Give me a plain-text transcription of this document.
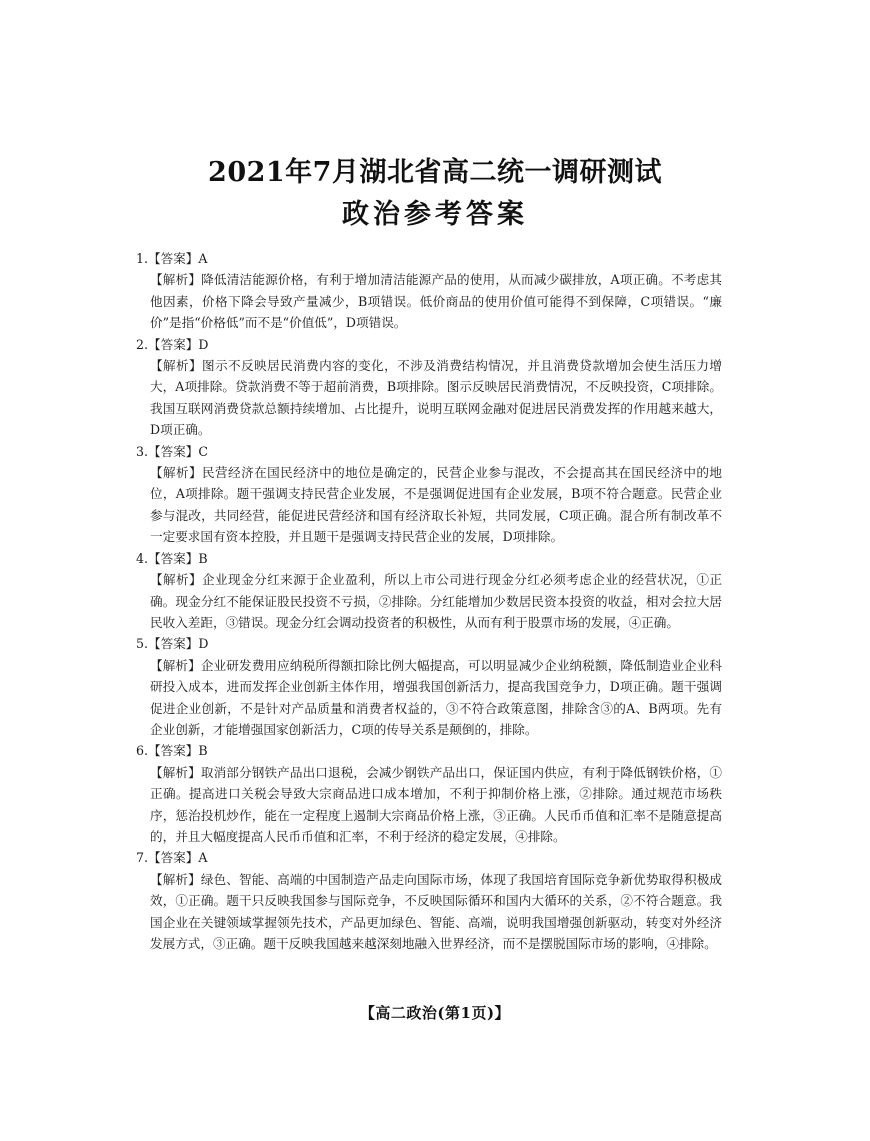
2021年7月湖北省高二统一调研测试
政治参考答案
1.【答案】A
【解析】降低清洁能源价格，有利于增加清洁能源产品的使用，从而减少碳排放，A项正确。不考虑其他因素，价格下降会导致产量减少，B项错误。低价商品的使用价值可能得不到保障，C项错误。“廉价”是指“价格低”而不是“价值低”，D项错误。
2.【答案】D
【解析】图示不反映居民消费内容的变化，不涉及消费结构情况，并且消费贷款增加会使生活压力增大，A项排除。贷款消费不等于超前消费，B项排除。图示反映居民消费情况，不反映投资，C项排除。我国互联网消费贷款总额持续增加、占比提升，说明互联网金融对促进居民消费发挥的作用越来越大，D项正确。
3.【答案】C
【解析】民营经济在国民经济中的地位是确定的，民营企业参与混改，不会提高其在国民经济中的地位，A项排除。题干强调支持民营企业发展，不是强调促进国有企业发展，B项不符合题意。民营企业参与混改，共同经营，能促进民营经济和国有经济取长补短，共同发展，C项正确。混合所有制改革不一定要求国有资本控股，并且题干是强调支持民营企业的发展，D项排除。
4.【答案】B
【解析】企业现金分红来源于企业盈利，所以上市公司进行现金分红必须考虑企业的经营状况，①正确。现金分红不能保证股民投资不亏损，②排除。分红能增加少数居民资本投资的收益，相对会拉大居民收入差距，③错误。现金分红会调动投资者的积极性，从而有利于股票市场的发展，④正确。
5.【答案】D
【解析】企业研发费用应纳税所得额扣除比例大幅提高，可以明显减少企业纳税额，降低制造业企业科研投入成本，进而发挥企业创新主体作用，增强我国创新活力，提高我国竞争力，D项正确。题干强调促进企业创新，不是针对产品质量和消费者权益的，③不符合政策意图，排除含③的A、B两项。先有企业创新，才能增强国家创新活力，C项的传导关系是颠倒的，排除。
6.【答案】B
【解析】取消部分钢铁产品出口退税，会减少钢铁产品出口，保证国内供应，有利于降低钢铁价格，①正确。提高进口关税会导致大宗商品进口成本增加，不利于抑制价格上涨，②排除。通过规范市场秩序，惩治投机炒作，能在一定程度上遏制大宗商品价格上涨，③正确。人民币币值和汇率不是随意提高的，并且大幅度提高人民币币值和汇率，不利于经济的稳定发展，④排除。
7.【答案】A
【解析】绿色、智能、高端的中国制造产品走向国际市场，体现了我国培育国际竞争新优势取得积极成效，①正确。题干只反映我国参与国际竞争，不反映国际循环和国内大循环的关系，②不符合题意。我国企业在关键领域掌握领先技术，产品更加绿色、智能、高端，说明我国增强创新驱动，转变对外经济发展方式，③正确。题干反映我国越来越深刻地融入世界经济，而不是摆脱国际市场的影响，④排除。
【高二政治(第1页)】
